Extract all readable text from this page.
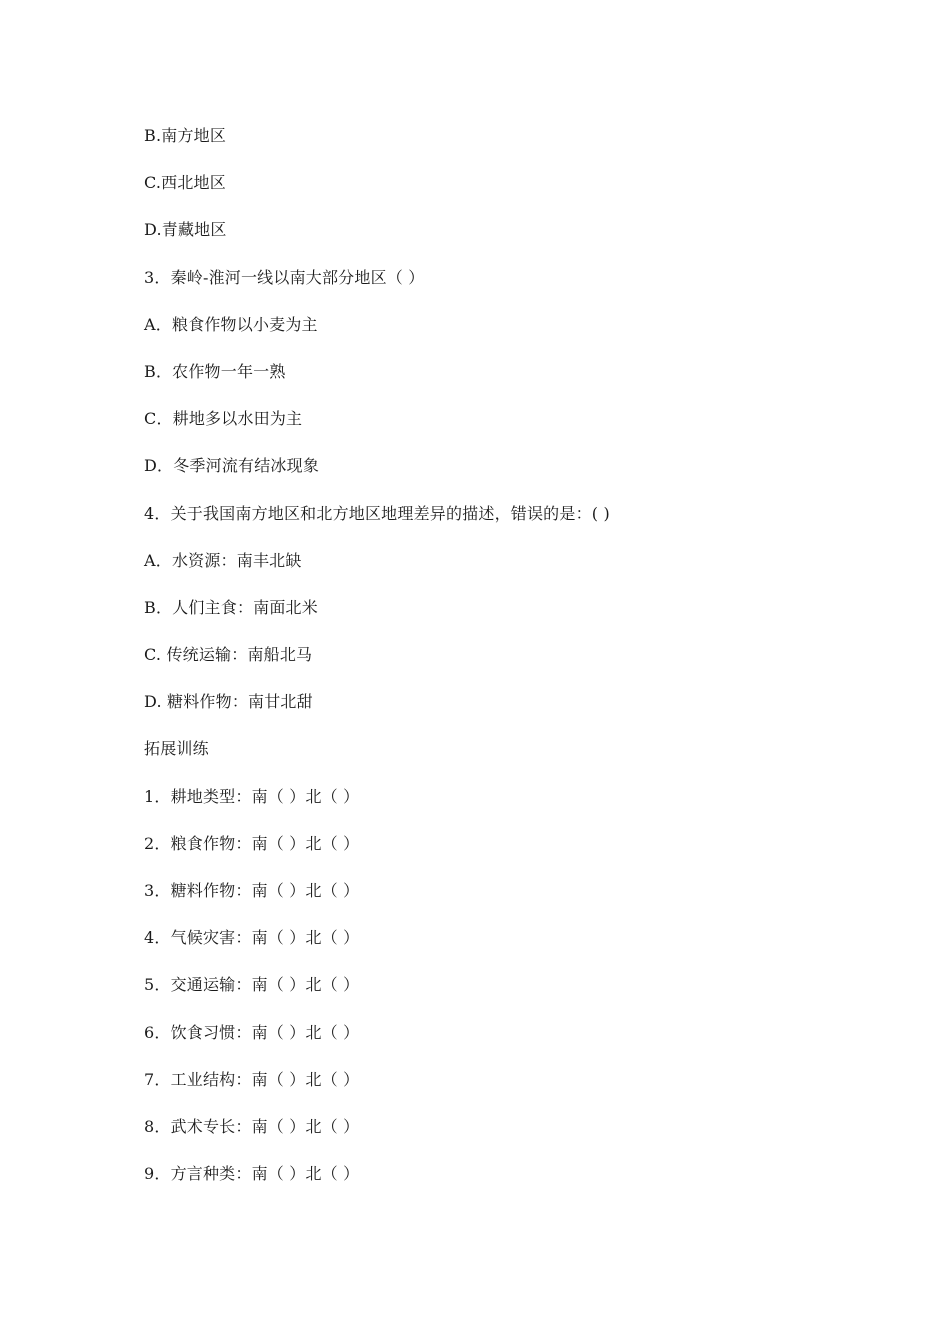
B.南方地区
C.西北地区
D.青藏地区
3．秦岭-淮河一线以南大部分地区（ ）
A．粮食作物以小麦为主
B．农作物一年一熟
C．耕地多以水田为主
D．冬季河流有结冰现象
4．关于我国南方地区和北方地区地理差异的描述，错误的是：( )
A．水资源：南丰北缺
B．人们主食：南面北米
C. 传统运输：南船北马
D. 糖料作物：南甘北甜
拓展训练
1．耕地类型：南（ ）北（ ）
2．粮食作物：南（ ）北（ ）
3．糖料作物：南（ ）北（ ）
4．气候灾害：南（ ）北（ ）
5．交通运输：南（ ）北（ ）
6．饮食习惯：南（ ）北（ ）
7．工业结构：南（ ）北（ ）
8．武术专长：南（ ）北（ ）
9．方言种类：南（ ）北（ ）
